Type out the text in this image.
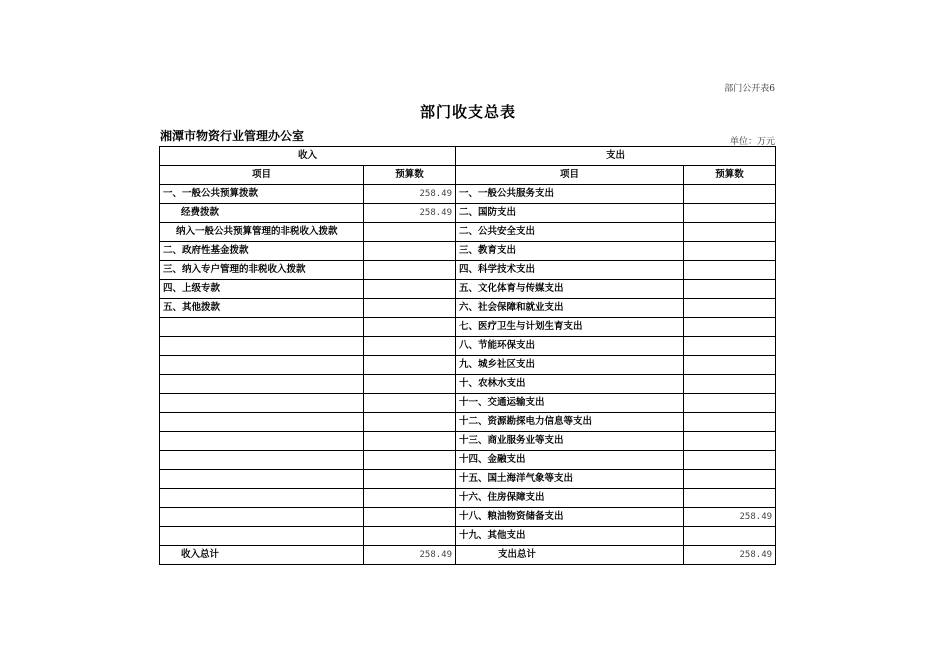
部门公开表6
部门收支总表
湘潭市物资行业管理办公室	单位：万元
收入		支出	
项目	预算数	项目	预算数
一、一般公共预算拨款	258.49	一、一般公共服务支出	
经费拨款	258.49	二、国防支出	
纳入一般公共预算管理的非税收入拨款		二、公共安全支出	
二、政府性基金拨款		三、教育支出	
三、纳入专户管理的非税收入拨款		四、科学技术支出	
四、上级专款		五、文化体育与传媒支出	
五、其他拨款		六、社会保障和就业支出	
		七、医疗卫生与计划生育支出	
		八、节能环保支出	
		九、城乡社区支出	
		十、农林水支出	
		十一、交通运输支出	
		十二、资源勘探电力信息等支出	
		十三、商业服务业等支出	
		十四、金融支出	
		十五、国土海洋气象等支出	
		十六、住房保障支出	
		十八、粮油物资储备支出	258.49
		十九、其他支出	
收入总计	258.49	支出总计	258.49
